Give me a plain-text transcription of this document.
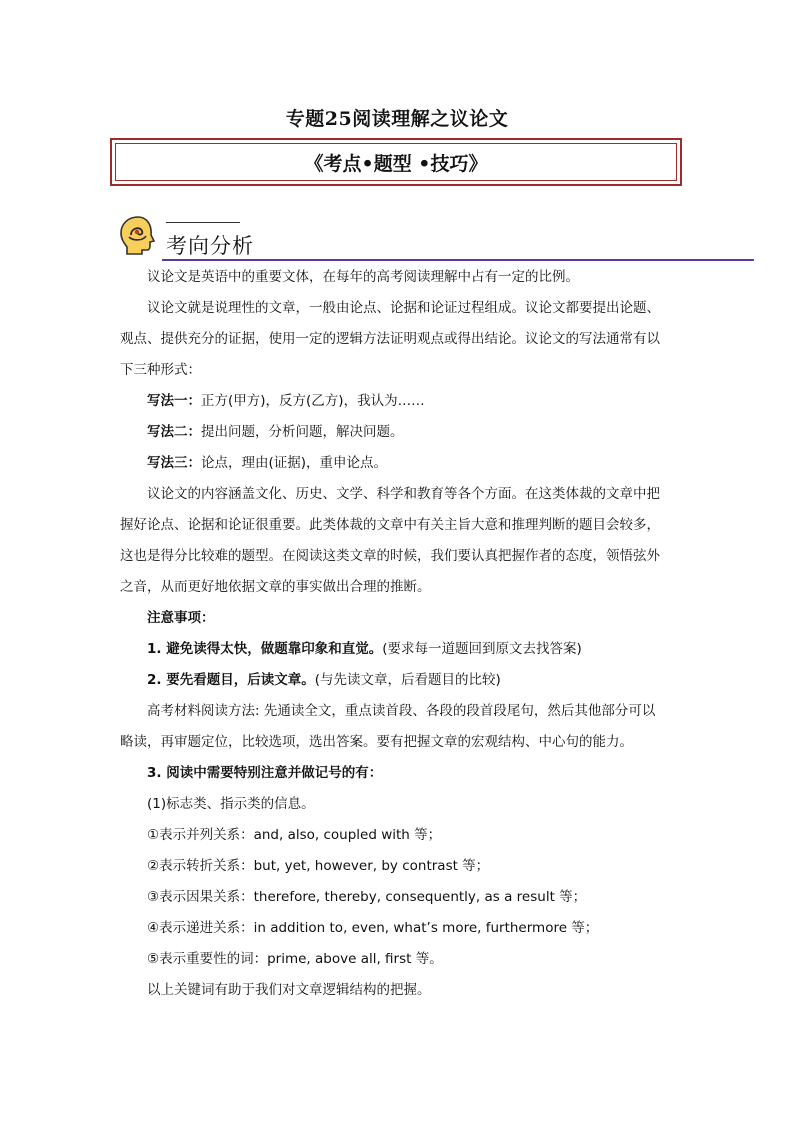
专题25阅读理解之议论文
《考点•题型 •技巧》
考向分析

议论文是英语中的重要文体，在每年的高考阅读理解中占有一定的比例。

议论文就是说理性的文章，一般由论点、论据和论证过程组成。议论文都要提出论题、

观点、提供充分的证据，使用一定的逻辑方法证明观点或得出结论。议论文的写法通常有以

下三种形式：

写法一：正方(甲方)，反方(乙方)，我认为……

写法二：提出问题，分析问题，解决问题。

写法三：论点，理由(证据)，重申论点。

议论文的内容涵盖文化、历史、文学、科学和教育等各个方面。在这类体裁的文章中把

握好论点、论据和论证很重要。此类体裁的文章中有关主旨大意和推理判断的题目会较多，

这也是得分比较难的题型。在阅读这类文章的时候，我们要认真把握作者的态度，领悟弦外

之音，从而更好地依据文章的事实做出合理的推断。

注意事项：

1. 避免读得太快，做题靠印象和直觉。(要求每一道题回到原文去找答案)

2. 要先看题目，后读文章。(与先读文章，后看题目的比较)

高考材料阅读方法: 先通读全文，重点读首段、各段的段首段尾句，然后其他部分可以

略读，再审题定位，比较选项，选出答案。要有把握文章的宏观结构、中心句的能力。

3. 阅读中需要特别注意并做记号的有：

(1)标志类、指示类的信息。

①表示并列关系：and, also, coupled with 等；

②表示转折关系：but, yet, however, by contrast 等；

③表示因果关系：therefore, thereby, consequently, as a result 等；

④表示递进关系：in addition to, even, what’s more, furthermore 等；

⑤表示重要性的词：prime, above all, first 等。

以上关键词有助于我们对文章逻辑结构的把握。
